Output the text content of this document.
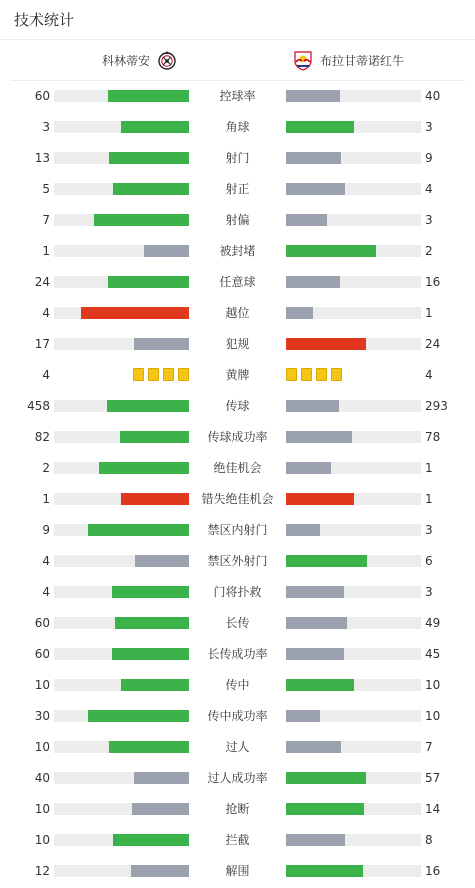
技术统计
科林蒂安	布拉甘蒂诺红牛
60	控球率	40
3	角球	3
13	射门	9
5	射正	4
7	射偏	3
1	被封堵	2
24	任意球	16
4	越位	1
17	犯规	24
4	黄牌	4
458	传球	293
82	传球成功率	78
2	绝佳机会	1
1	错失绝佳机会	1
9	禁区内射门	3
4	禁区外射门	6
4	门将扑救	3
60	长传	49
60	长传成功率	45
10	传中	10
30	传中成功率	10
10	过人	7
40	过人成功率	57
10	抢断	14
10	拦截	8
12	解围	16
